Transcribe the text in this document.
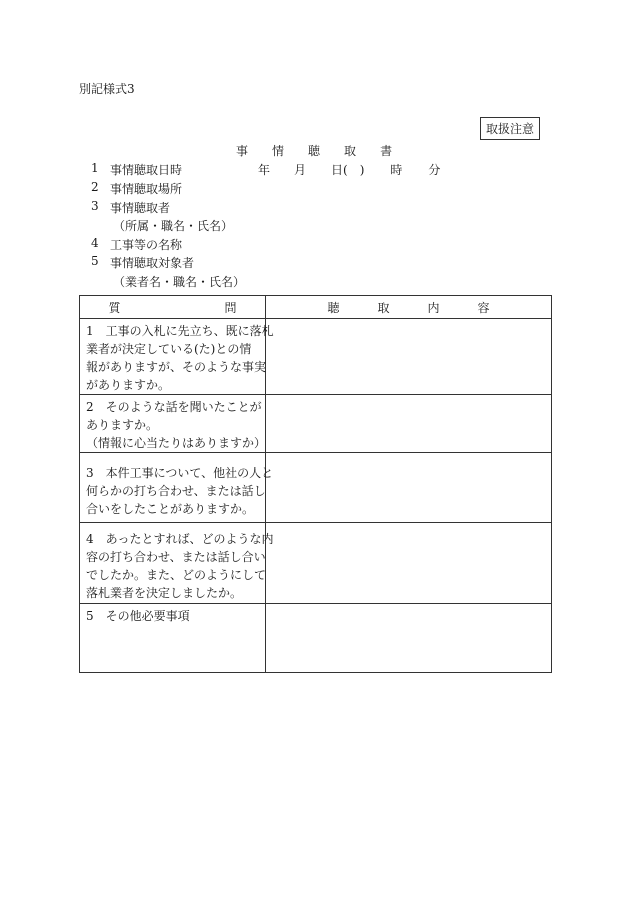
別記様式3
取扱注意
事 情 聴 取 書
1 事情聴取日時
2 事情聴取場所
3 事情聴取者
（所属・職名・氏名）
4 工事等の名称
5 事情聴取対象者
（業者名・職名・氏名）
年 月 日(　) 時 分
質 問	聴 取 内 容

1　工事の入札に先立ち、既に落札
業者が決定している(た)との情
報がありますが、そのような事実
がありますか。	

2　そのような話を聞いたことが
ありますか。
（情報に心当たりはありますか）	

3　本件工事について、他社の人と
何らかの打ち合わせ、または話し
合いをしたことがありますか。	

4　あったとすれば、どのような内
容の打ち合わせ、または話し合い
でしたか。また、どのようにして
落札業者を決定しましたか。	

5　その他必要事項	
